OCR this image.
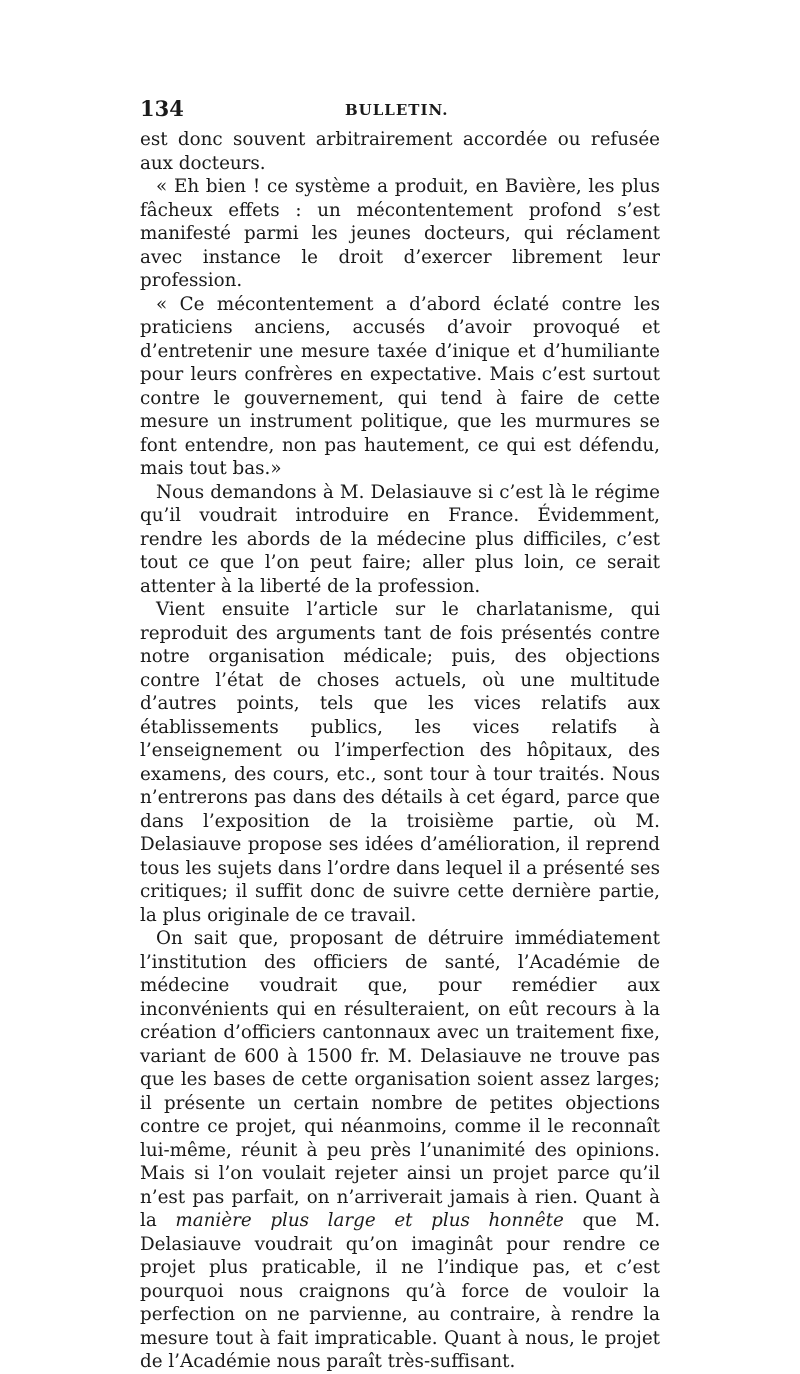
134	BULLETIN.

est donc souvent arbitrairement accordée ou refusée aux docteurs.

« Eh bien ! ce système a produit, en Bavière, les plus fâcheux effets : un mécontentement profond s’est manifesté parmi les jeunes docteurs, qui réclament avec instance le droit d’exercer librement leur profession.

« Ce mécontentement a d’abord éclaté contre les praticiens anciens, accusés d’avoir provoqué et d’entretenir une mesure taxée d’inique et d’humiliante pour leurs confrères en expectative. Mais c’est surtout contre le gouvernement, qui tend à faire de cette mesure un instrument politique, que les murmures se font entendre, non pas hautement, ce qui est défendu, mais tout bas.»

Nous demandons à M. Delasiauve si c’est là le régime qu’il voudrait introduire en France. Évidemment, rendre les abords de la médecine plus difficiles, c’est tout ce que l’on peut faire; aller plus loin, ce serait attenter à la liberté de la profession.

Vient ensuite l’article sur le charlatanisme, qui reproduit des arguments tant de fois présentés contre notre organisation médicale; puis, des objections contre l’état de choses actuels, où une multitude d’autres points, tels que les vices relatifs aux établissements publics, les vices relatifs à l’enseignement ou l’imperfection des hôpitaux, des examens, des cours, etc., sont tour à tour traités. Nous n’entrerons pas dans des détails à cet égard, parce que dans l’exposition de la troisième partie, où M. Delasiauve propose ses idées d’amélioration, il reprend tous les sujets dans l’ordre dans lequel il a présenté ses critiques; il suffit donc de suivre cette dernière partie, la plus originale de ce travail.

On sait que, proposant de détruire immédiatement l’institution des officiers de santé, l’Académie de médecine voudrait que, pour remédier aux inconvénients qui en résulteraient, on eût recours à la création d’officiers cantonnaux avec un traitement fixe, variant de 600 à 1500 fr. M. Delasiauve ne trouve pas que les bases de cette organisation soient assez larges; il présente un certain nombre de petites objections contre ce projet, qui néanmoins, comme il le reconnaît lui-même, réunit à peu près l’unanimité des opinions. Mais si l’on voulait rejeter ainsi un projet parce qu’il n’est pas parfait, on n’arriverait jamais à rien. Quant à la manière plus large et plus honnête que M. Delasiauve voudrait qu’on imaginât pour rendre ce projet plus praticable, il ne l’indique pas, et c’est pourquoi nous craignons qu’à force de vouloir la perfection on ne parvienne, au contraire, à rendre la mesure tout à fait impraticable. Quant à nous, le projet de l’Académie nous paraît très-suffisant.
